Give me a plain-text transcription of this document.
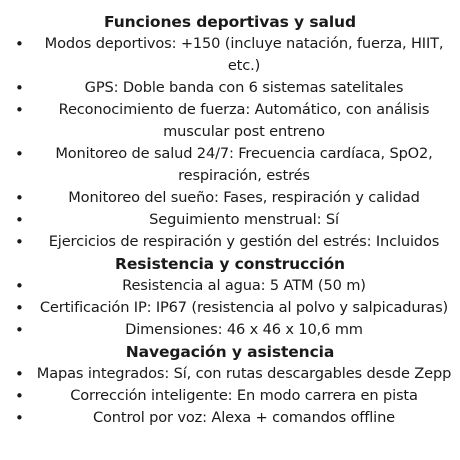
Funciones deportivas y salud
• Modos deportivos: +150 (incluye natación, fuerza, HIIT, etc.)
•	GPS: Doble banda con 6 sistemas satelitales
• Reconocimiento de fuerza: Automático, con análisis muscular post entreno
• Monitoreo de salud 24/7: Frecuencia cardíaca, SpO2, respiración, estrés
•	Monitoreo del sueño: Fases, respiración y calidad
•	Seguimiento menstrual: Sí
• Ejercicios de respiración y gestión del estrés: Incluidos
Resistencia y construcción
•	Resistencia al agua: 5 ATM (50 m)
• Certificación IP: IP67 (resistencia al polvo y salpicaduras)
•	Dimensiones: 46 x 46 x 10,6 mm
Navegación y asistencia
• Mapas integrados: Sí, con rutas descargables desde Zepp
•	Corrección inteligente: En modo carrera en pista
•	Control por voz: Alexa + comandos offline
